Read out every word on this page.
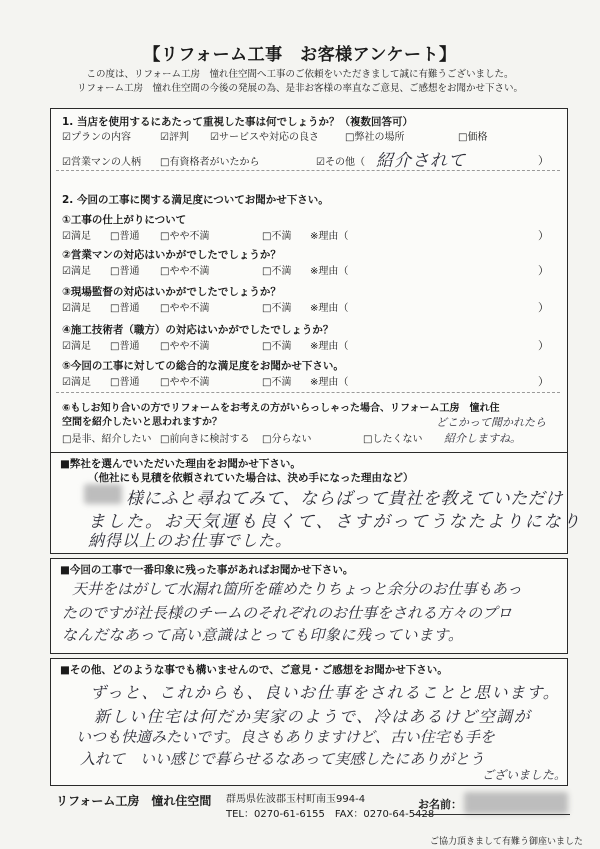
【リフォーム工事　お客様アンケート】
この度は、リフォーム工房　憧れ住空間へ工事のご依頼をいただきまして誠に有難うございました。
リフォーム工房　憧れ住空間の今後の発展の為、是非お客様の率直なご意見、ご感想をお聞かせ下さい。
1. 当店を使用するにあたって重視した事は何でしょうか？（複数回答可）
☑プランの内容	☑評判 ☑サービスや対応の良さ	□弊社の場所	□価格
☑営業マンの人柄 □有資格者がいたから	☑その他（ 紹介されて	）
2. 今回の工事に関する満足度についてお聞かせ下さい。
①工事の仕上がりについて
☑満足 □普通 □やや不満	□不満 ※理由（	）
②営業マンの対応はいかがでしたでしょうか？
☑満足 □普通 □やや不満	□不満 ※理由（	）
③現場監督の対応はいかがでしたでしょうか？
☑満足 □普通 □やや不満	□不満 ※理由（	）
④施工技術者（職方）の対応はいかがでしたでしょうか？
☑満足 □普通 □やや不満	□不満 ※理由（	）
⑤今回の工事に対しての総合的な満足度をお聞かせ下さい。
☑満足 □普通 □やや不満	□不満 ※理由（	）
⑥もしお知り合いの方でリフォームをお考えの方がいらっしゃった場合、リフォーム工房　憧れ住
空間を紹介したいと思われますか？
□是非、紹介したい □前向きに検討する □分らない	□したくない
どこかって聞かれたら
紹介しますね。
■弊社を選んでいただいた理由をお聞かせ下さい。
（他社にも見積を依頼されていた場合は、決め手になった理由など）
様にふと尋ねてみて、ならばって貴社を教えていただけ
ました。お天気運も良くて、さすがってうなたよりになり
納得以上のお仕事でした。
■今回の工事で一番印象に残った事があればお聞かせ下さい。
天井をはがして水漏れ箇所を確めたりちょっと余分のお仕事もあっ
たのですが社長様のチームのそれぞれのお仕事をされる方々のプロ
なんだなあって高い意識はとっても印象に残っています。
■その他、どのような事でも構いませんので、ご意見・ご感想をお聞かせ下さい。
ずっと、これからも、良いお仕事をされることと思います。
新しい住宅は何だか実家のようで、冷はあるけど空調が
いつも快適みたいです。良さもありますけど、古い住宅も手を
入れて　いい感じで暮らせるなあって実感したにありがとう
ございました。
リフォーム工房　憧れ住空間 群馬県佐波郡玉村町南玉994-4
TEL：0270-61-6155　FAX：0270-64-5428
お名前：
ご協力頂きまして有難う御座いました
